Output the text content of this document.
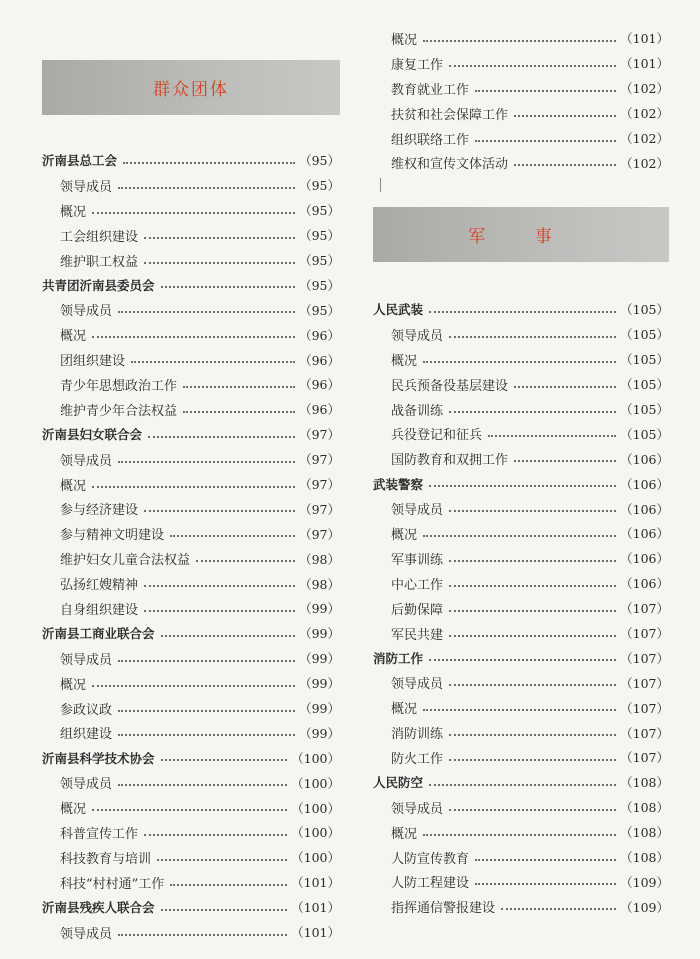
群众团体
沂南县总工会	（95）
领导成员	（95）
概况	（95）
工会组织建设	（95）
维护职工权益	（95）
共青团沂南县委员会	（95）
领导成员	（95）
概况	（96）
团组织建设	（96）
青少年思想政治工作	（96）
维护青少年合法权益	（96）
沂南县妇女联合会	（97）
领导成员	（97）
概况	（97）
参与经济建设	（97）
参与精神文明建设	（97）
维护妇女儿童合法权益	（98）
弘扬红嫂精神	（98）
自身组织建设	（99）
沂南县工商业联合会	（99）
领导成员	（99）
概况	（99）
参政议政	（99）
组织建设	（99）
沂南县科学技术协会	（100）
领导成员	（100）
概况	（100）
科普宣传工作	（100）
科技教育与培训	（100）
科技“村村通”工作	（101）
沂南县残疾人联合会	（101）
领导成员	（101）
概况	（101）
康复工作	（101）
教育就业工作	（102）
扶贫和社会保障工作	（102）
组织联络工作	（102）
维权和宣传文体活动	（102）
人民武装	（105）
领导成员	（105）
概况	（105）
民兵预备役基层建设	（105）
战备训练	（105）
兵役登记和征兵	（105）
国防教育和双拥工作	（106）
武装警察	（106）
领导成员	（106）
概况	（106）
军事训练	（106）
中心工作	（106）
后勤保障	（107）
军民共建	（107）
消防工作	（107）
领导成员	（107）
概况	（107）
消防训练	（107）
防火工作	（107）
人民防空	（108）
领导成员	（108）
概况	（108）
人防宣传教育	（108）
人防工程建设	（109）
指挥通信警报建设	（109）
军 事
